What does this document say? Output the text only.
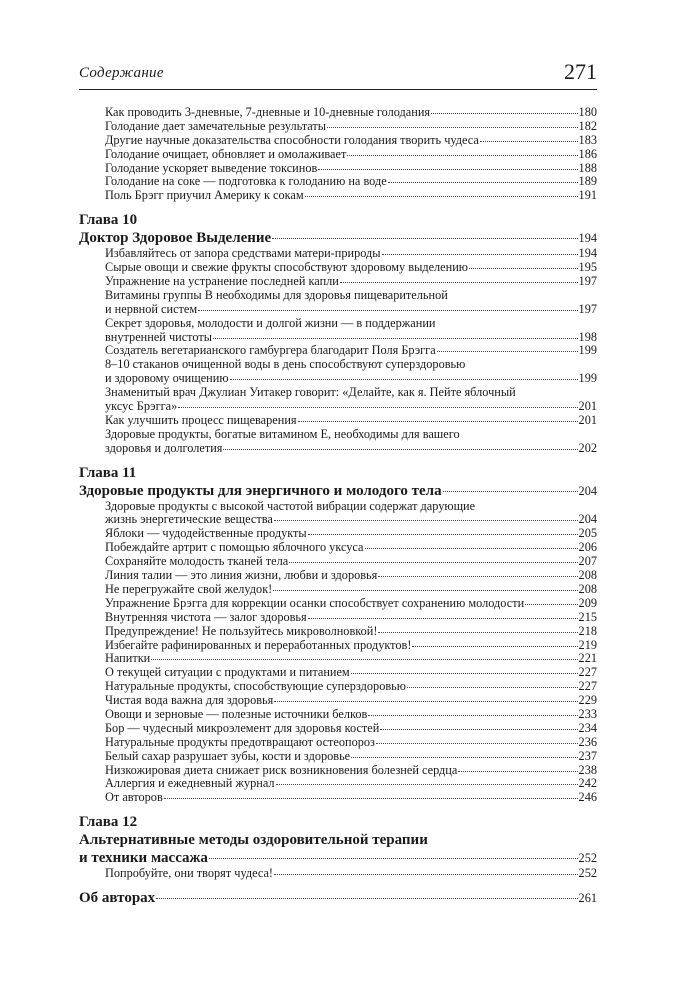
Содержание	271
Как проводить 3-дневные, 7-дневные и 10-дневные голодания	180
Голодание дает замечательные результаты	182
Другие научные доказательства способности голодания творить чудеса	183
Голодание очищает, обновляет и омолаживает	186
Голодание ускоряет выведение токсинов	188
Голодание на соке — подготовка к голоданию на воде	189
Поль Брэгг приучил Америку к сокам	191
Глава 10
Доктор Здоровое Выделение	194
Избавляйтесь от запора средствами матери-природы	194
Сырые овощи и свежие фрукты способствуют здоровому выделению	195
Упражнение на устранение последней капли	197
Витамины группы В необходимы для здоровья пищеварительной
и нервной систем	197
Секрет здоровья, молодости и долгой жизни — в поддержании
внутренней чистоты	198
Создатель вегетарианского гамбургера благодарит Поля Брэгга	199
8–10 стаканов очищенной воды в день способствуют суперздоровью
и здоровому очищению	199
Знаменитый врач Джулиан Уитакер говорит: «Делайте, как я. Пейте яблочный
уксус Брэгга»	201
Как улучшить процесс пищеварения	201
Здоровые продукты, богатые витамином Е, необходимы для вашего
здоровья и долголетия	202
Глава 11
Здоровые продукты для энергичного и молодого тела	204
Здоровые продукты с высокой частотой вибрации содержат дарующие
жизнь энергетические вещества	204
Яблоки — чудодейственные продукты	205
Побеждайте артрит с помощью яблочного уксуса	206
Сохраняйте молодость тканей тела	207
Линия талии — это линия жизни, любви и здоровья	208
Не перегружайте свой желудок!	208
Упражнение Брэгга для коррекции осанки способствует сохранению молодости	209
Внутренняя чистота — залог здоровья	215
Предупреждение! Не пользуйтесь микроволновкой!	218
Избегайте рафинированных и переработанных продуктов!	219
Напитки	221
О текущей ситуации с продуктами и питанием	227
Натуральные продукты, способствующие суперздоровью	227
Чистая вода важна для здоровья	229
Овощи и зерновые — полезные источники белков	233
Бор — чудесный микроэлемент для здоровья костей	234
Натуральные продукты предотвращают остеопороз	236
Белый сахар разрушает зубы, кости и здоровье	237
Низкожировая диета снижает риск возникновения болезней сердца	238
Аллергия и ежедневный журнал	242
От авторов	246
Глава 12
Альтернативные методы оздоровительной терапии
и техники массажа	252
Попробуйте, они творят чудеса!	252
Об авторах	261
